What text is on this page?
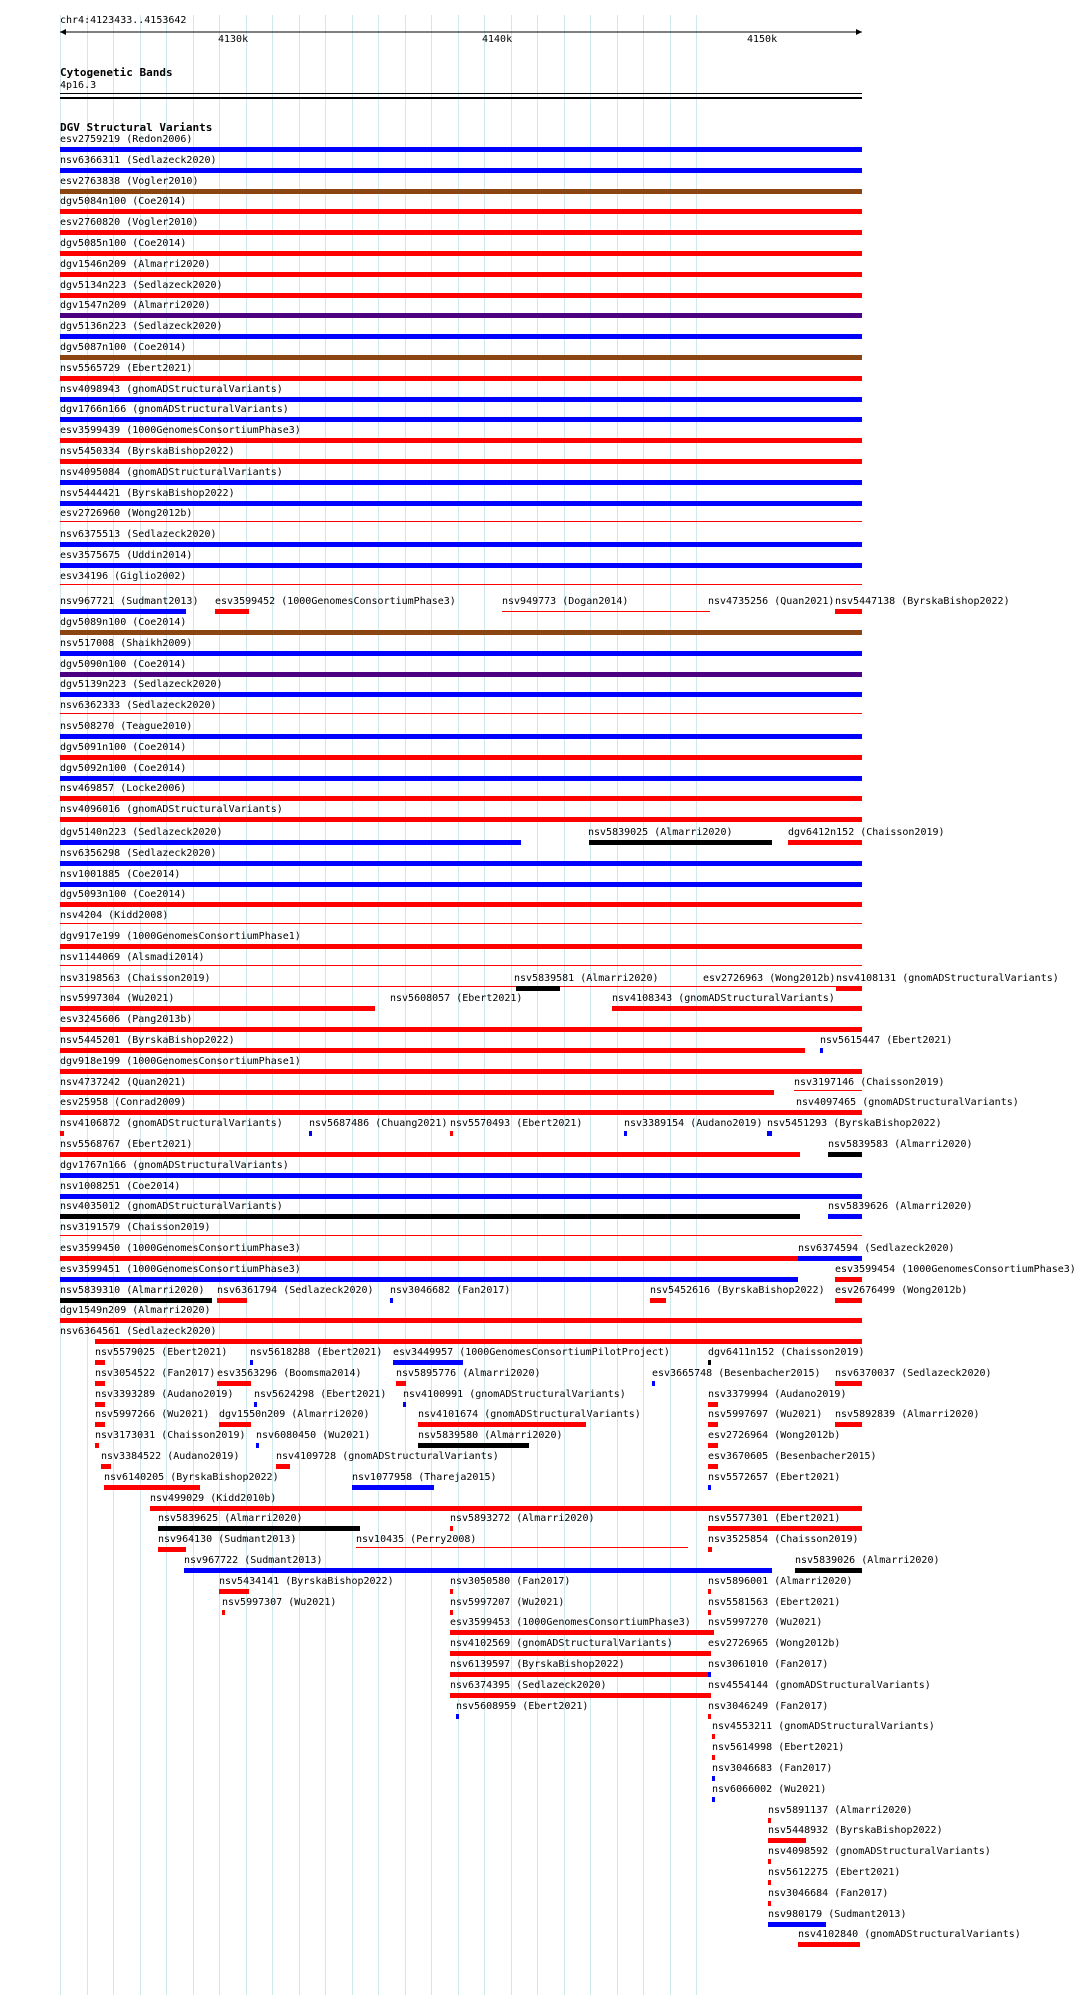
chr4:4123433..4153642
4130k	4140k	4150k
Cytogenetic Bands
4p16.3
DGV Structural Variants
esv2759219 (Redon2006)
nsv6366311 (Sedlazeck2020)
esv2763838 (Vogler2010)
dgv5084n100 (Coe2014)
esv2760820 (Vogler2010)
dgv5085n100 (Coe2014)
dgv1546n209 (Almarri2020)
dgv5134n223 (Sedlazeck2020)
dgv1547n209 (Almarri2020)
dgv5136n223 (Sedlazeck2020)
dgv5087n100 (Coe2014)
nsv5565729 (Ebert2021)
nsv4098943 (gnomADStructuralVariants)
dgv1766n166 (gnomADStructuralVariants)
esv3599439 (1000GenomesConsortiumPhase3)
nsv5450334 (ByrskaBishop2022)
nsv4095084 (gnomADStructuralVariants)
nsv5444421 (ByrskaBishop2022)
esv2726960 (Wong2012b)
nsv6375513 (Sedlazeck2020)
esv3575675 (Uddin2014)
esv34196 (Giglio2002)
nsv967721 (Sudmant2013) esv3599452 (1000GenomesConsortiumPhase3)	nsv949773 (Dogan2014)	nsv4735256 (Quan2021) nsv5447138 (ByrskaBishop2022)
dgv5089n100 (Coe2014)
nsv517008 (Shaikh2009)
dgv5090n100 (Coe2014)
dgv5139n223 (Sedlazeck2020)
nsv6362333 (Sedlazeck2020)
nsv508270 (Teague2010)
dgv5091n100 (Coe2014)
dgv5092n100 (Coe2014)
nsv469857 (Locke2006)
nsv4096016 (gnomADStructuralVariants)
dgv5140n223 (Sedlazeck2020)	nsv5839025 (Almarri2020)	dgv6412n152 (Chaisson2019)
nsv6356298 (Sedlazeck2020)
nsv1001885 (Coe2014)
dgv5093n100 (Coe2014)
nsv4204 (Kidd2008)
dgv917e199 (1000GenomesConsortiumPhase1)
nsv1144069 (Alsmadi2014)
nsv3198563 (Chaisson2019)	nsv5839581 (Almarri2020)	esv2726963 (Wong2012b) nsv4108131 (gnomADStructuralVariants)
nsv5997304 (Wu2021)	nsv5608057 (Ebert2021)	nsv4108343 (gnomADStructuralVariants)
esv3245606 (Pang2013b)
nsv5445201 (ByrskaBishop2022)	nsv5615447 (Ebert2021)
dgv918e199 (1000GenomesConsortiumPhase1)
nsv4737242 (Quan2021)	nsv3197146 (Chaisson2019)
esv25958 (Conrad2009)	nsv4097465 (gnomADStructuralVariants)
nsv4106872 (gnomADStructuralVariants)	nsv5687486 (Chuang2021) nsv5570493 (Ebert2021)	nsv3389154 (Audano2019) nsv5451293 (ByrskaBishop2022)
nsv5568767 (Ebert2021)	nsv5839583 (Almarri2020)
dgv1767n166 (gnomADStructuralVariants)
nsv1008251 (Coe2014)
nsv4035012 (gnomADStructuralVariants)	nsv5839626 (Almarri2020)
nsv3191579 (Chaisson2019)
esv3599450 (1000GenomesConsortiumPhase3)	nsv6374594 (Sedlazeck2020)
esv3599451 (1000GenomesConsortiumPhase3)	esv3599454 (1000GenomesConsortiumPhase3)
nsv5839310 (Almarri2020) nsv6361794 (Sedlazeck2020) nsv3046682 (Fan2017)	nsv5452616 (ByrskaBishop2022) esv2676499 (Wong2012b)
dgv1549n209 (Almarri2020)
nsv6364561 (Sedlazeck2020)
nsv5579025 (Ebert2021) nsv5618288 (Ebert2021) esv3449957 (1000GenomesConsortiumPilotProject)	dgv6411n152 (Chaisson2019)
nsv3054522 (Fan2017) esv3563296 (Boomsma2014)	nsv5895776 (Almarri2020)	esv3665748 (Besenbacher2015) nsv6370037 (Sedlazeck2020)
nsv3393289 (Audano2019) nsv5624298 (Ebert2021) nsv4100991 (gnomADStructuralVariants)	nsv3379994 (Audano2019)
nsv5997266 (Wu2021) dgv1550n209 (Almarri2020)	nsv4101674 (gnomADStructuralVariants)	nsv5997697 (Wu2021) nsv5892839 (Almarri2020)
nsv3173031 (Chaisson2019) nsv6080450 (Wu2021)	nsv5839580 (Almarri2020)	esv2726964 (Wong2012b)
nsv3384522 (Audano2019)	nsv4109728 (gnomADStructuralVariants)	esv3670605 (Besenbacher2015)
nsv6140205 (ByrskaBishop2022)	nsv1077958 (Thareja2015)	nsv5572657 (Ebert2021)
nsv499029 (Kidd2010b)
nsv5839625 (Almarri2020)	nsv5893272 (Almarri2020)	nsv5577301 (Ebert2021)
nsv964130 (Sudmant2013)	nsv10435 (Perry2008)	nsv3525854 (Chaisson2019)
nsv967722 (Sudmant2013)	nsv5839026 (Almarri2020)
nsv5434141 (ByrskaBishop2022)	nsv3050580 (Fan2017)	nsv5896001 (Almarri2020)
nsv5997307 (Wu2021)	nsv5997207 (Wu2021)	nsv5581563 (Ebert2021)
esv3599453 (1000GenomesConsortiumPhase3) nsv5997270 (Wu2021)
nsv4102569 (gnomADStructuralVariants)	esv2726965 (Wong2012b)
nsv6139597 (ByrskaBishop2022)	nsv3061010 (Fan2017)
nsv6374395 (Sedlazeck2020)	nsv4554144 (gnomADStructuralVariants)
nsv5608959 (Ebert2021)	nsv3046249 (Fan2017)
nsv4553211 (gnomADStructuralVariants)
nsv5614998 (Ebert2021)
nsv3046683 (Fan2017)
nsv6066002 (Wu2021)
nsv5891137 (Almarri2020)
nsv5448932 (ByrskaBishop2022)
nsv4098592 (gnomADStructuralVariants)
nsv5612275 (Ebert2021)
nsv3046684 (Fan2017)
nsv980179 (Sudmant2013)
nsv4102840 (gnomADStructuralVariants)
